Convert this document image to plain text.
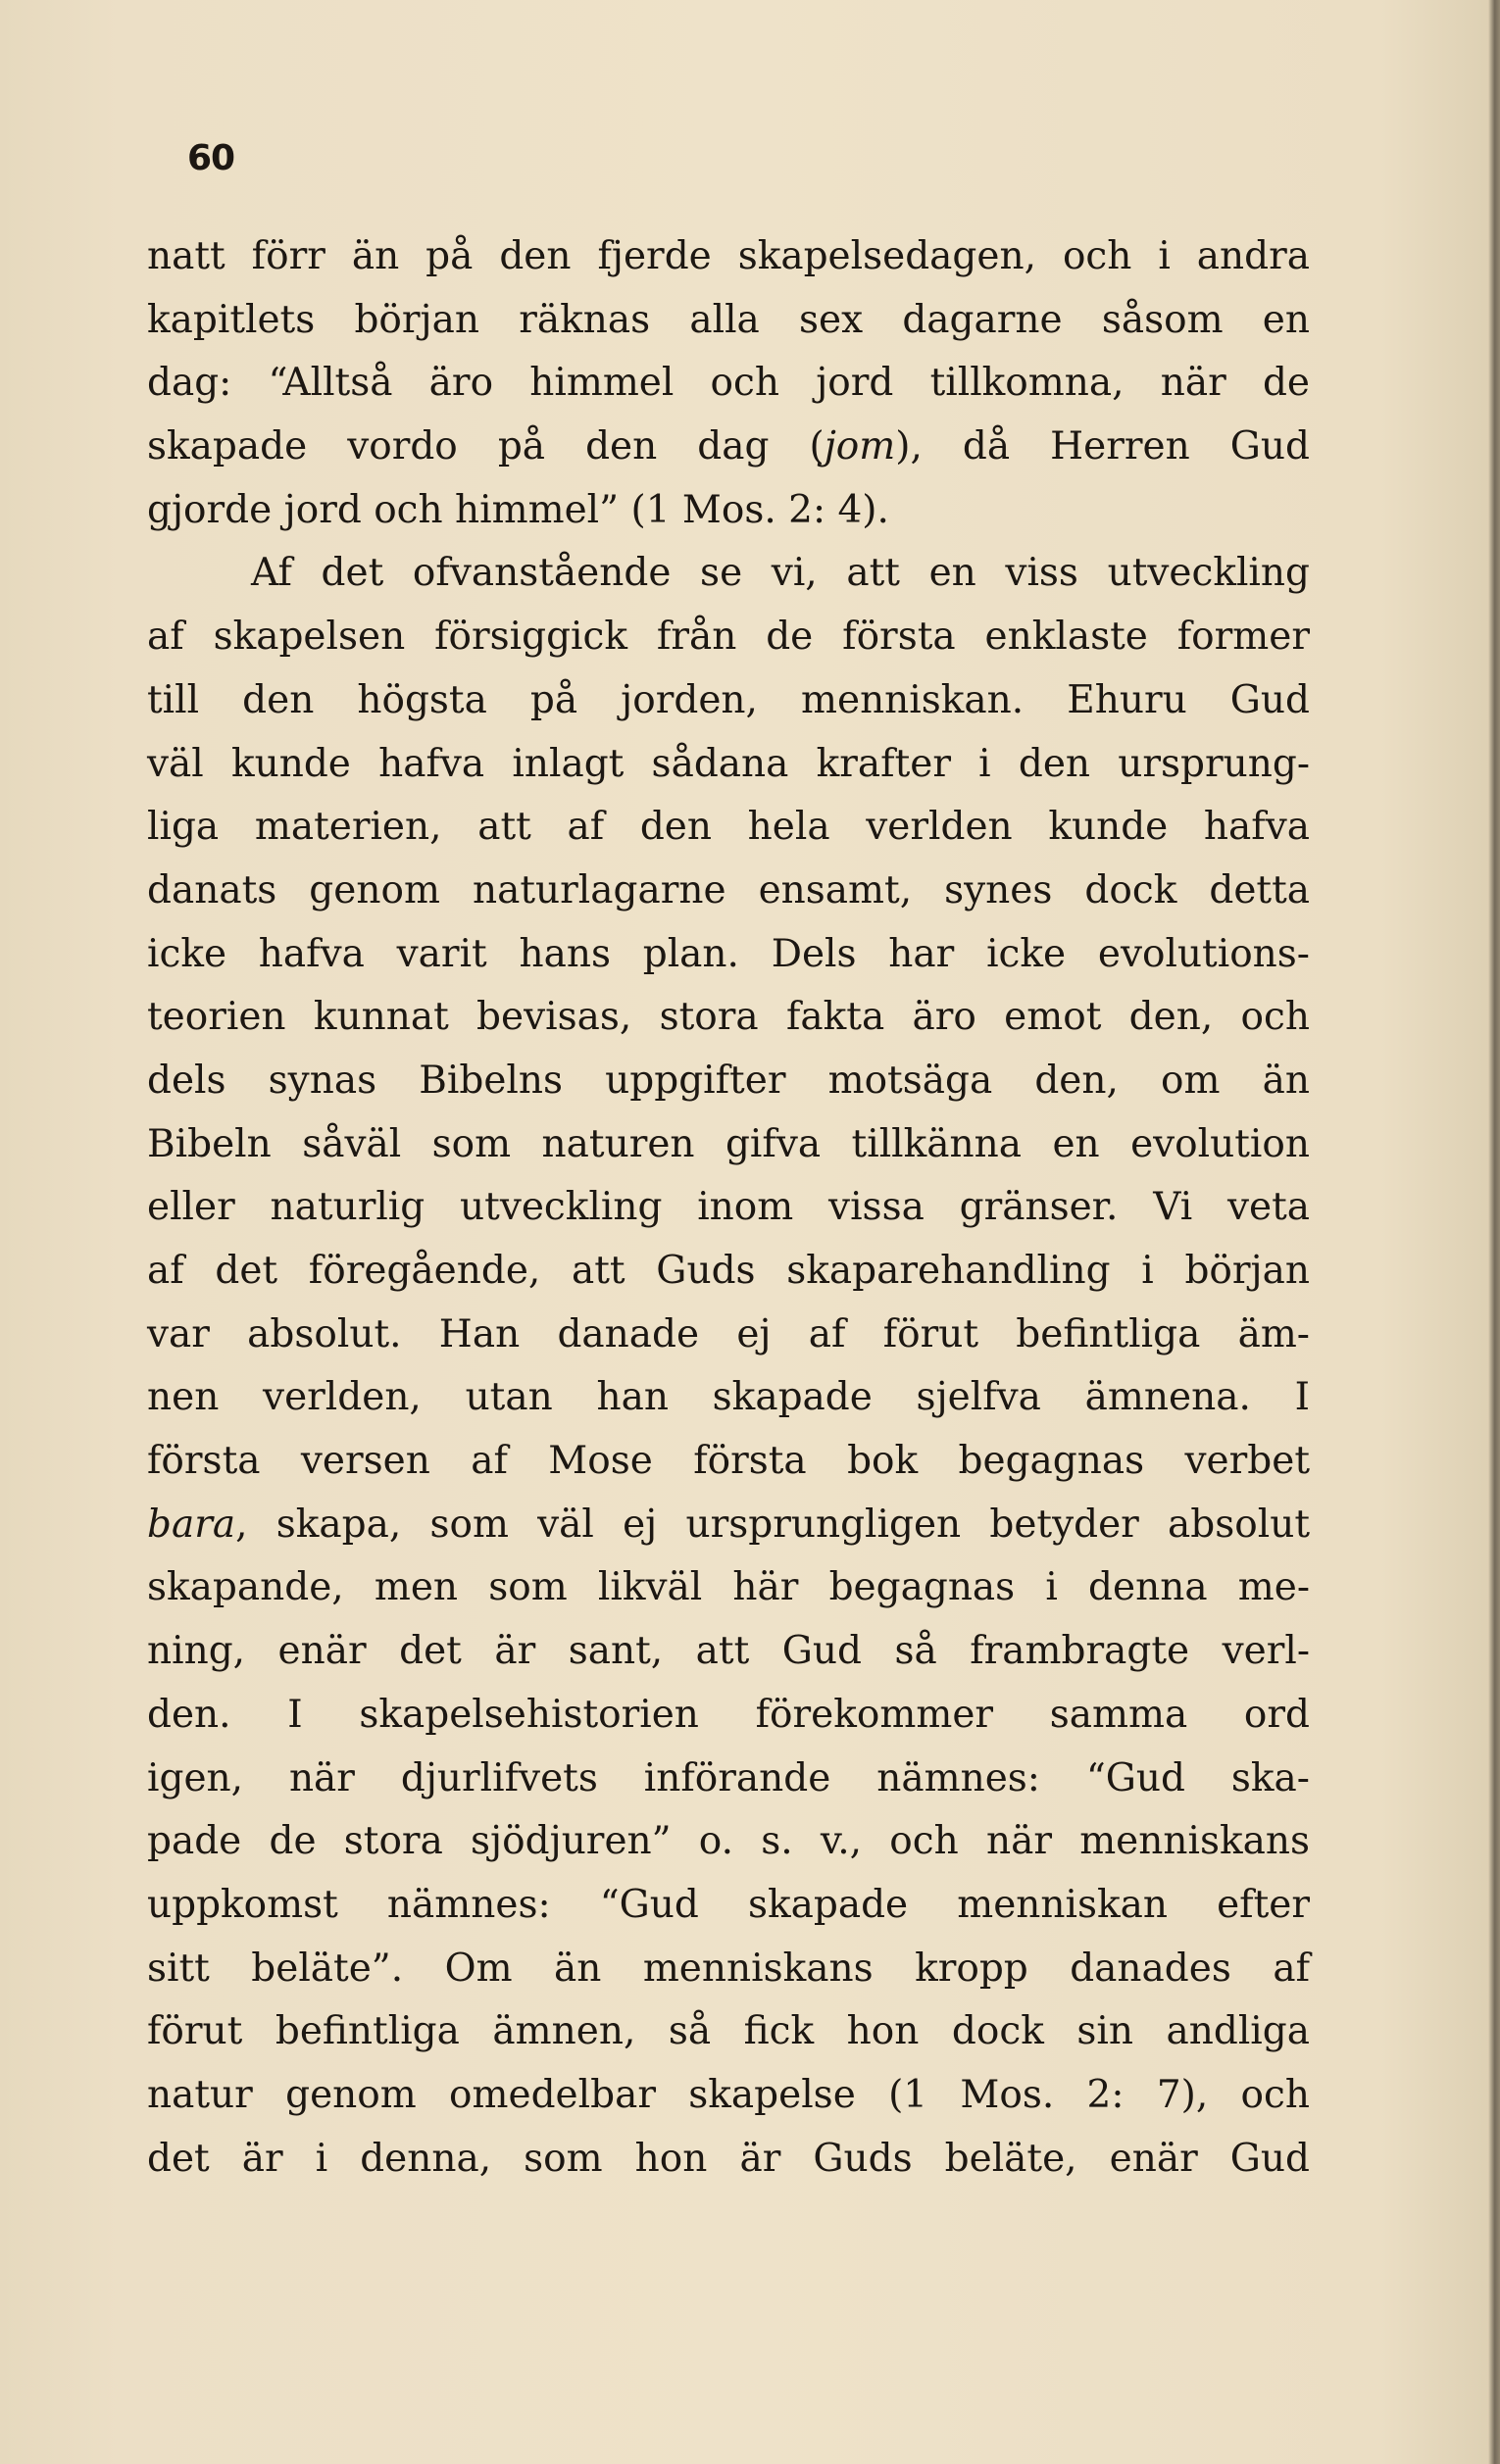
60
natt förr än på den fjerde skapelsedagen, och i andra
kapitlets början räknas alla sex dagarne såsom en
dag: “Alltså äro himmel och jord tillkomna, när de
skapade vordo på den dag (jom), då Herren Gud
gjorde jord och himmel” (1 Mos. 2: 4).
Af det ofvanstående se vi, att en viss utveckling
af skapelsen försiggick från de första enklaste former
till den högsta på jorden, menniskan. Ehuru Gud
väl kunde hafva inlagt sådana krafter i den ursprung-
liga materien, att af den hela verlden kunde hafva
danats genom naturlagarne ensamt, synes dock detta
icke hafva varit hans plan. Dels har icke evolutions-
teorien kunnat bevisas, stora fakta äro emot den, och
dels synas Bibelns uppgifter motsäga den, om än
Bibeln såväl som naturen gifva tillkänna en evolution
eller naturlig utveckling inom vissa gränser. Vi veta
af det föregående, att Guds skaparehandling i början
var absolut. Han danade ej af förut befintliga äm-
nen verlden, utan han skapade sjelfva ämnena. I
första versen af Mose första bok begagnas verbet
bara, skapa, som väl ej ursprungligen betyder absolut
skapande, men som likväl här begagnas i denna me-
ning, enär det är sant, att Gud så frambragte verl-
den. I skapelsehistorien förekommer samma ord
igen, när djurlifvets införande nämnes: “Gud ska-
pade de stora sjödjuren” o. s. v., och när menniskans
uppkomst nämnes: “Gud skapade menniskan efter
sitt beläte”. Om än menniskans kropp danades af
förut befintliga ämnen, så fick hon dock sin andliga
natur genom omedelbar skapelse (1 Mos. 2: 7), och
det är i denna, som hon är Guds beläte, enär Gud
